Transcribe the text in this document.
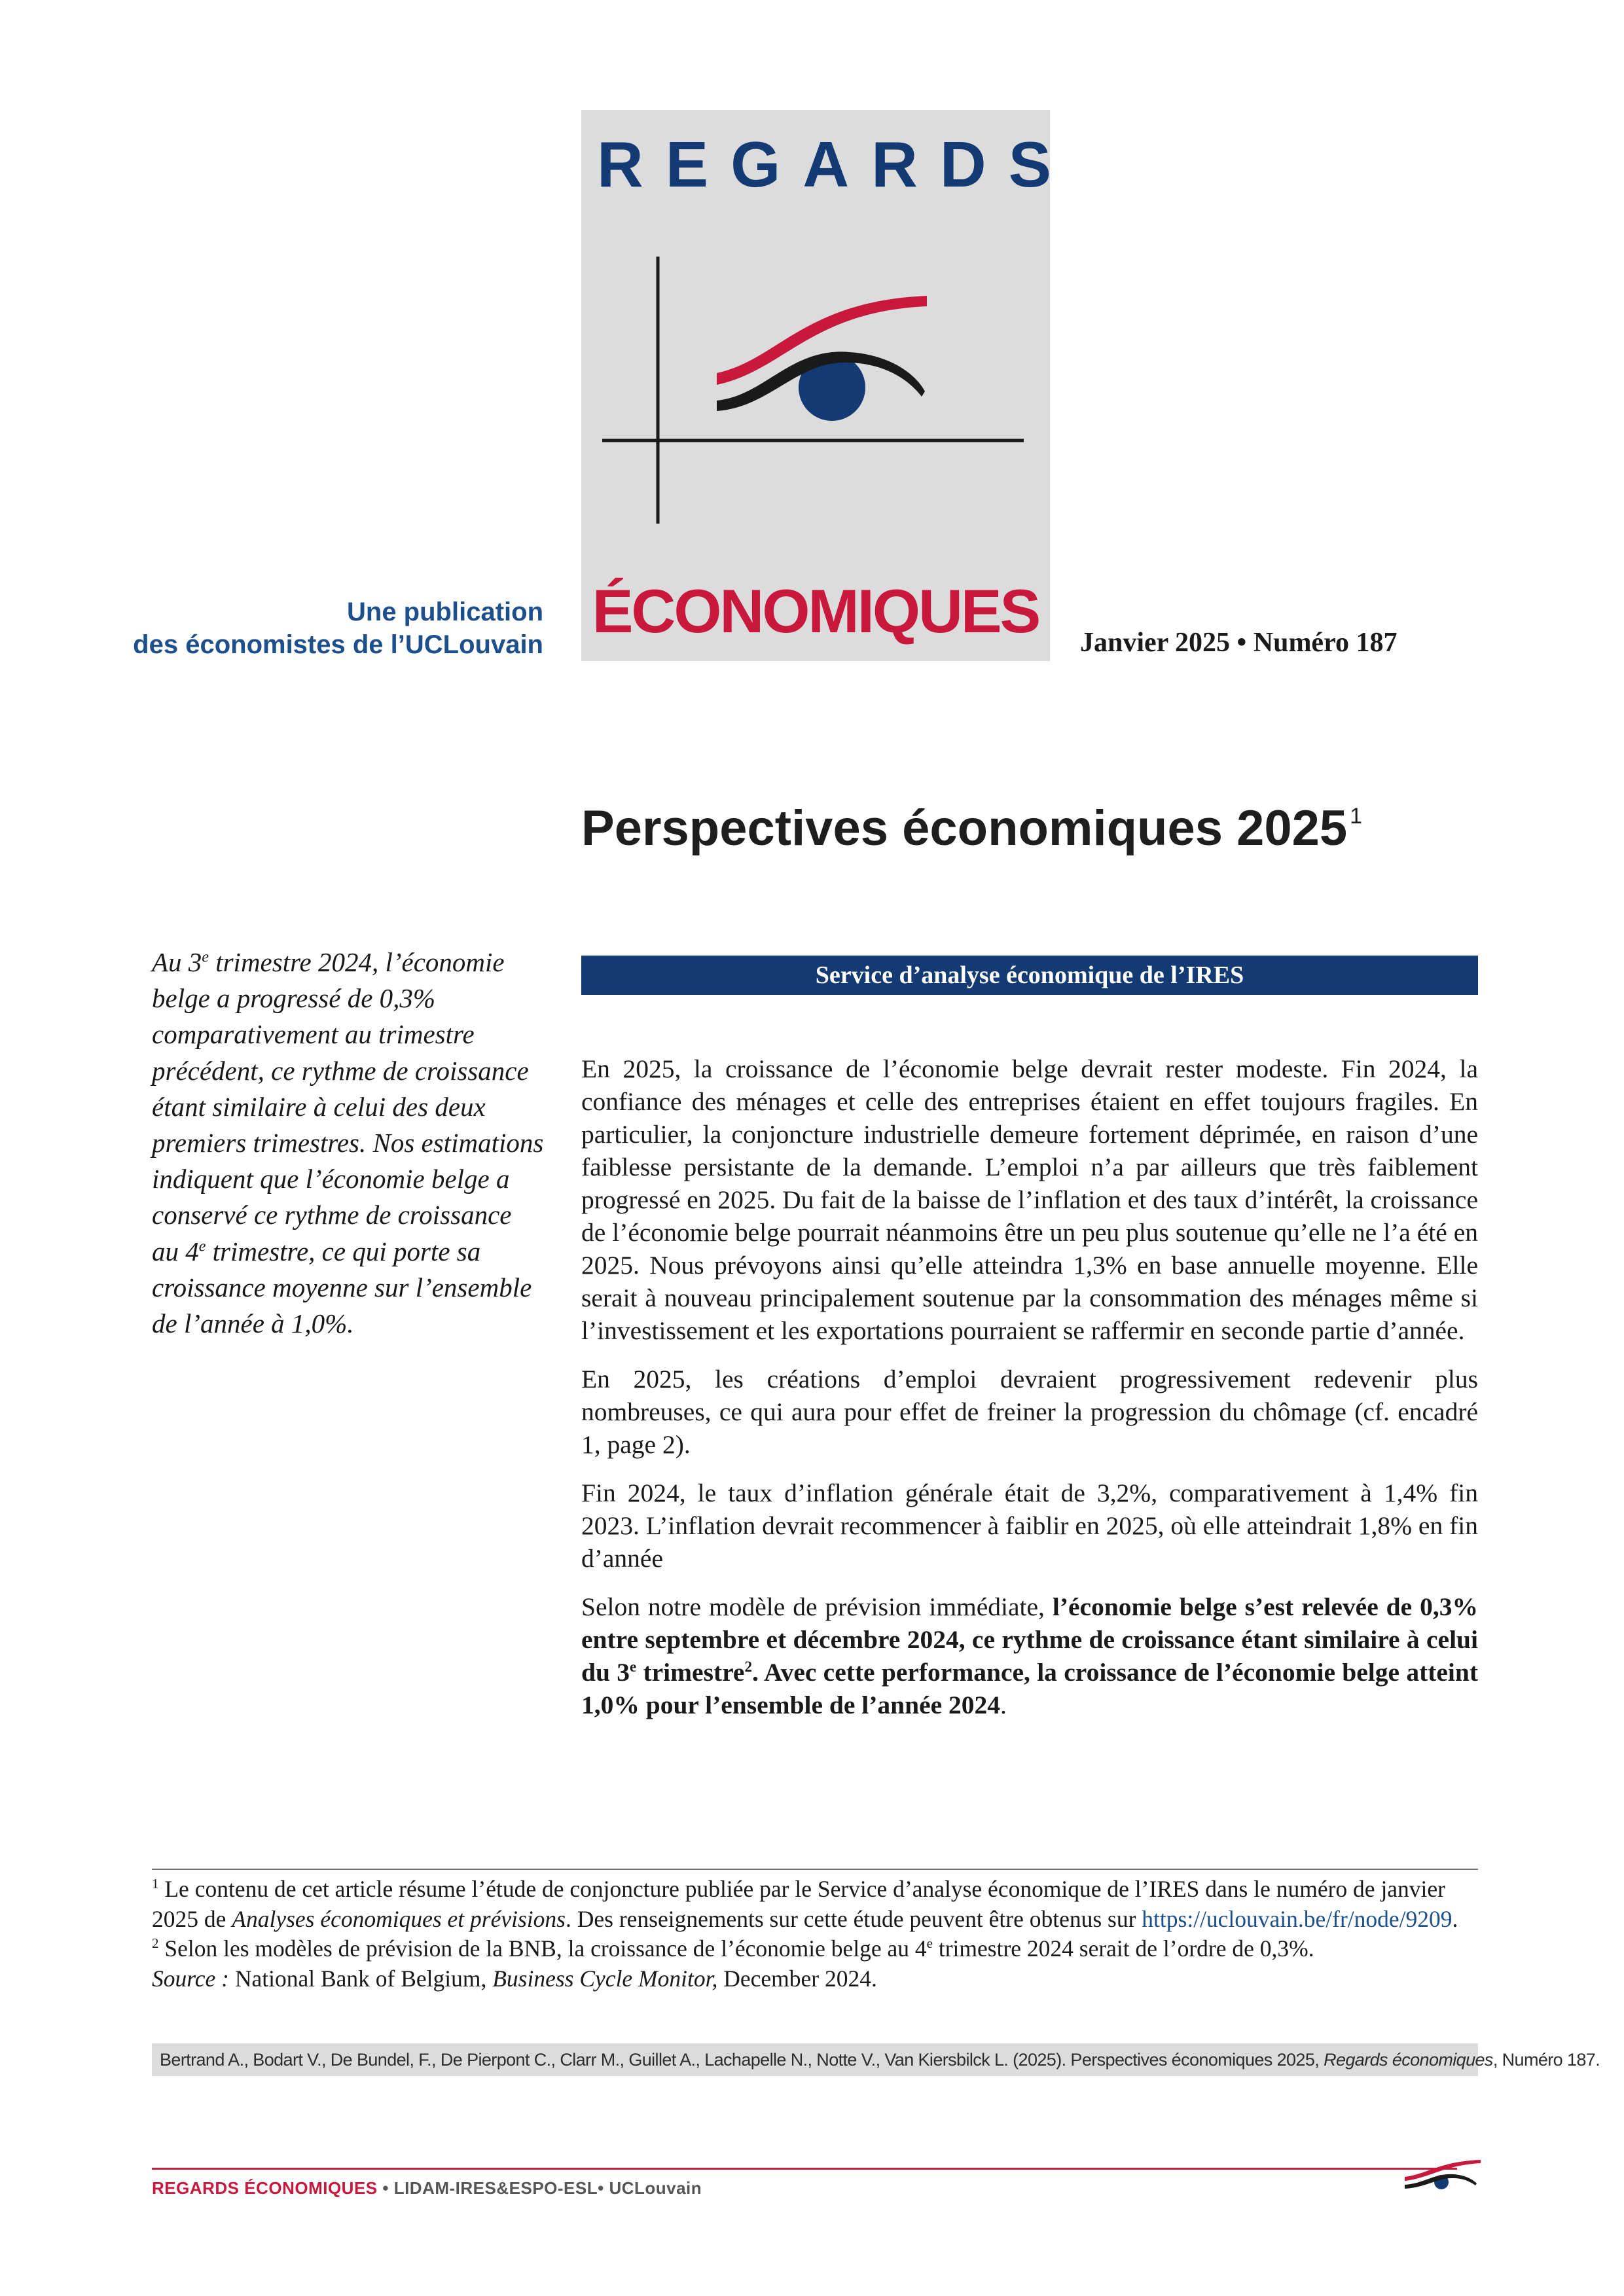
REGARDS
ÉCONOMIQUES
Une publication
des économistes de l’UCLouvain	Janvier 2025 • Numéro 187
Perspectives économiques 2025 $^1$
Au 3e trimestre 2024, l’économie belge a progressé de 0,3% comparativement au trimestre précédent, ce rythme de croissance étant similaire à celui des deux premiers trimestres. Nos estimations indiquent que l’économie belge a conservé ce rythme de croissance au 4e trimestre, ce qui porte sa croissance moyenne sur l’ensemble de l’année à 1,0%.
Service d’analyse économique de l’IRES

En 2025, la croissance de l’économie belge devrait rester modeste. Fin 2024, la confiance des ménages et celle des entreprises étaient en effet toujours fragiles. En particulier, la conjoncture industrielle demeure fortement déprimée, en raison d’une faiblesse persistante de la demande. L’emploi n’a par ailleurs que très faiblement progressé en 2025. Du fait de la baisse de l’inflation et des taux d’intérêt, la croissance de l’économie belge pourrait néanmoins être un peu plus soutenue qu’elle ne l’a été en 2025. Nous prévoyons ainsi qu’elle atteindra 1,3% en base annuelle moyenne. Elle serait à nouveau principalement soutenue par la consommation des ménages même si l’investissement et les exportations pourraient se raffermir en seconde partie d’année.

En 2025, les créations d’emploi devraient progressivement redevenir plus nombreuses, ce qui aura pour effet de freiner la progression du chômage (cf. encadré 1, page 2).

Fin 2024, le taux d’inflation générale était de 3,2%, comparativement à 1,4% fin 2023. L’inflation devrait recommencer à faiblir en 2025, où elle atteindrait 1,8% en fin d’année

Selon notre modèle de prévision immédiate, l’économie belge s’est relevée de 0,3% entre septembre et décembre 2024, ce rythme de croissance étant similaire à celui du 3e trimestre$^2$. Avec cette performance, la croissance de l’économie belge atteint 1,0% pour l’ensemble de l’année 2024.

$^1$ Le contenu de cet article résume l’étude de conjoncture publiée par le Service d’analyse économique de l’IRES dans le numéro de janvier 2025 de Analyses économiques et prévisions. Des renseignements sur cette étude peuvent être obtenus sur https://uclouvain.be/fr/node/9209.

$^2$ Selon les modèles de prévision de la BNB, la croissance de l’économie belge au 4e trimestre 2024 serait de l’ordre de 0,3%.

Source : National Bank of Belgium, Business Cycle Monitor, December 2024.

Bertrand A., Bodart V., De Bundel, F., De Pierpont C., Clarr M., Guillet A., Lachapelle N., Notte V., Van Kiersbilck L. (2025). Perspectives économiques 2025, Regards économiques, Numéro 187.
REGARDS ÉCONOMIQUES • LIDAM-IRES&ESPO-ESL• UCLouvain
